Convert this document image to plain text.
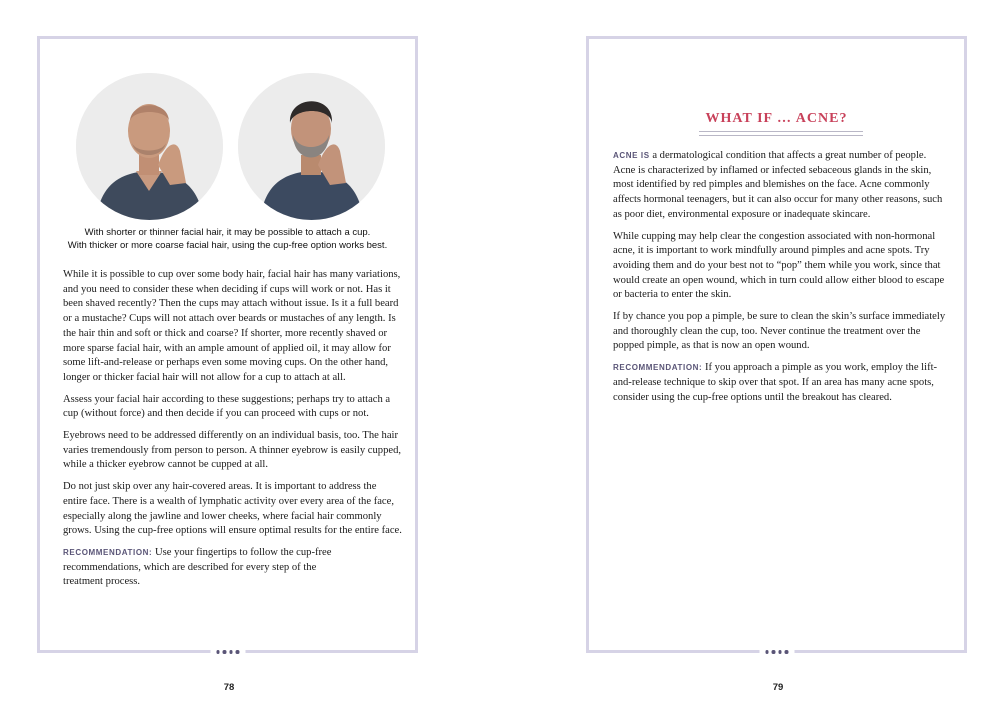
With shorter or thinner facial hair, it may be possible to attach a cup.
With thicker or more coarse facial hair, using the cup-free option works best.

While it is possible to cup over some body hair, facial hair has many variations, and you need to consider these when deciding if cups will work or not. Has it been shaved recently? Then the cups may attach without issue. Is it a full beard or a mustache? Cups will not attach over beards or mustaches of any length. Is the hair thin and soft or thick and coarse? If shorter, more recently shaved or more sparse facial hair, with an ample amount of applied oil, it may allow for some lift-and-release or perhaps even some moving cups. On the other hand, longer or thicker facial hair will not allow for a cup to attach at all.

Assess your facial hair according to these suggestions; perhaps try to attach a cup (without force) and then decide if you can proceed with cups or not.

Eyebrows need to be addressed differently on an individual basis, too. The hair varies tremendously from person to person. A thinner eyebrow is easily cupped, while a thicker eyebrow cannot be cupped at all.

Do not just skip over any hair-covered areas. It is important to address the entire face. There is a wealth of lymphatic activity over every area of the face, especially along the jawline and lower cheeks, where facial hair commonly grows. Using the cup-free options will ensure optimal results for the entire face.

RECOMMENDATION: Use your fingertips to follow the cup-free recommendations, which are described for every step of the treatment process.

78
WHAT IF … ACNE?

ACNE IS a dermatological condition that affects a great number of people. Acne is characterized by inflamed or infected sebaceous glands in the skin, most identified by red pimples and blemishes on the face. Acne commonly affects hormonal teenagers, but it can also occur for many other reasons, such as poor diet, environmental exposure or inadequate skincare.

While cupping may help clear the congestion associated with non-hormonal acne, it is important to work mindfully around pimples and acne spots. Try avoiding them and do your best not to “pop” them while you work, since that would create an open wound, which in turn could allow either blood to escape or bacteria to enter the skin.

If by chance you pop a pimple, be sure to clean the skin’s surface immediately and thoroughly clean the cup, too. Never continue the treatment over the popped pimple, as that is now an open wound.

RECOMMENDATION: If you approach a pimple as you work, employ the lift-and-release technique to skip over that spot. If an area has many acne spots, consider using the cup-free options until the breakout has cleared.

79
